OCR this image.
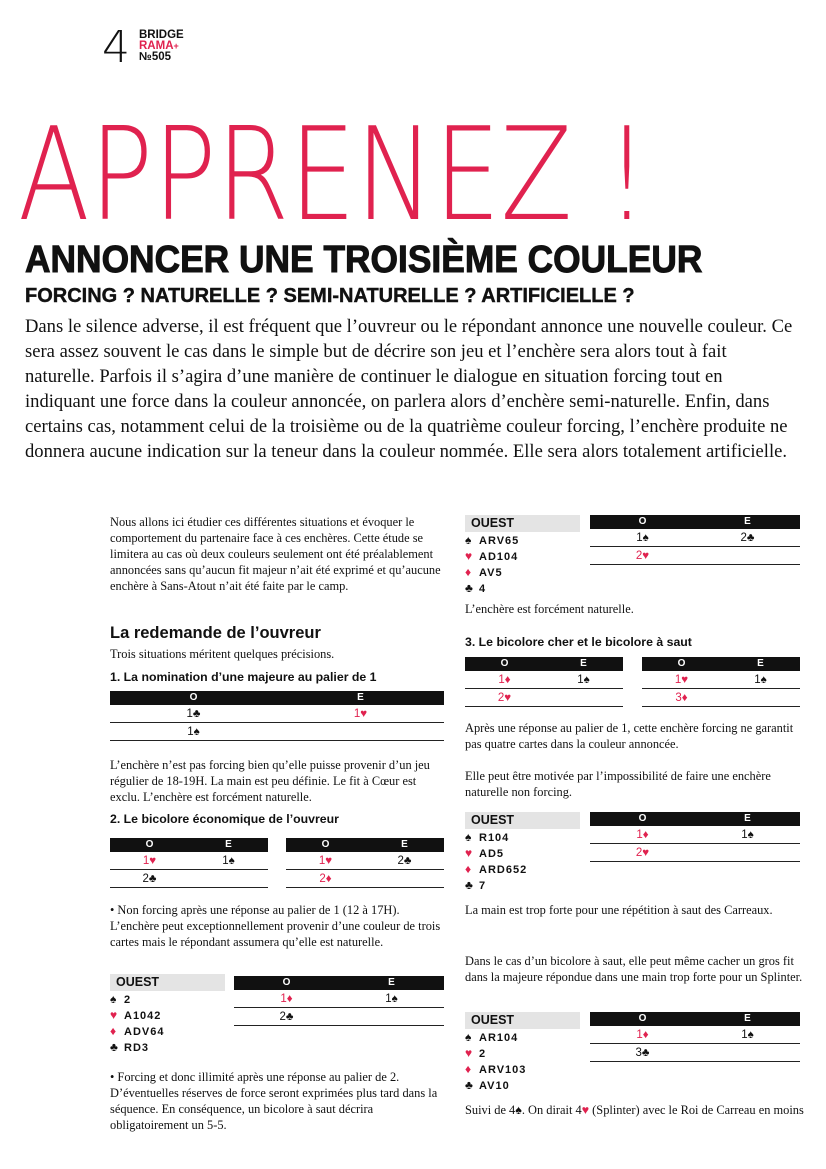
4 BRIDGE
RAMA+
№505
APPRENEZ !
ANNONCER UNE TROISIÈME COULEUR
FORCING ? NATURELLE ? SEMI-NATURELLE ? ARTIFICIELLE ?

Dans le silence adverse, il est fréquent que l’ouvreur ou le répondant annonce une nouvelle couleur. Ce sera assez souvent le cas dans le simple but de décrire son jeu et l’enchère sera alors tout à fait naturelle. Parfois il s’agira d’une manière de continuer le dialogue en situation forcing tout en indiquant une force dans la couleur annoncée, on parlera alors d’enchère semi-naturelle. Enfin, dans certains cas, notamment celui de la troisième ou de la quatrième couleur forcing, l’enchère produite ne donnera aucune indication sur la teneur dans la couleur nommée. Elle sera alors totalement artificielle.

Nous allons ici étudier ces différentes situations et évoquer le comportement du partenaire face à ces enchères. Cette étude se limitera au cas où deux couleurs seulement ont été préalablement annoncées sans qu’aucun fit majeur n’ait été exprimé et qu’aucune enchère à Sans-Atout n’ait été faite par le camp.

La redemande de l’ouvreur
Trois situations méritent quelques précisions.
1. La nomination d’une majeure au palier de 1
O	E
1♣	1♥
1♠

L’enchère n’est pas forcing bien qu’elle puisse provenir d’un jeu régulier de 18-19H. La main est peu définie. Le fit à Cœur est exclu. L’enchère est forcément naturelle.

2. Le bicolore économique de l’ouvreur
O	E
1♥	1♠
2♣
O	E
1♥	2♣
2♦

• Non forcing après une réponse au palier de 1 (12 à 17H). L’enchère peut exceptionnellement provenir d’une couleur de trois cartes mais le répondant assumera qu’elle est naturelle.

OUEST
♠ 2
♥ A1042
♦ ADV64
♣ RD3
O	E
1♦	1♠
2♣

• Forcing et donc illimité après une réponse au palier de 2. D’éventuelles réserves de force seront exprimées plus tard dans la séquence. En conséquence, un bicolore à saut décrira obligatoirement un 5-5.

OUEST
♠ ARV65
♥ AD104
♦ AV5
♣ 4
O	E
1♠	2♣
2♥
L’enchère est forcément naturelle.
3. Le bicolore cher et le bicolore à saut
O	E
1♦	1♠
2♥
O	E
1♥	1♠
3♦

Après une réponse au palier de 1, cette enchère forcing ne garantit pas quatre cartes dans la couleur annoncée.

Elle peut être motivée par l’impossibilité de faire une enchère naturelle non forcing.

OUEST
♠ R104
♥ AD5
♦ ARD652
♣ 7
O	E
1♦	1♠
2♥

La main est trop forte pour une répétition à saut des Carreaux.

Dans le cas d’un bicolore à saut, elle peut même cacher un gros fit dans la majeure répondue dans une main trop forte pour un Splinter.

OUEST
♠ AR104
♥ 2
♦ ARV103
♣ AV10
O	E
1♦	1♠
3♣

Suivi de 4♠. On dirait 4♥ (Splinter) avec le Roi de Carreau en moins
